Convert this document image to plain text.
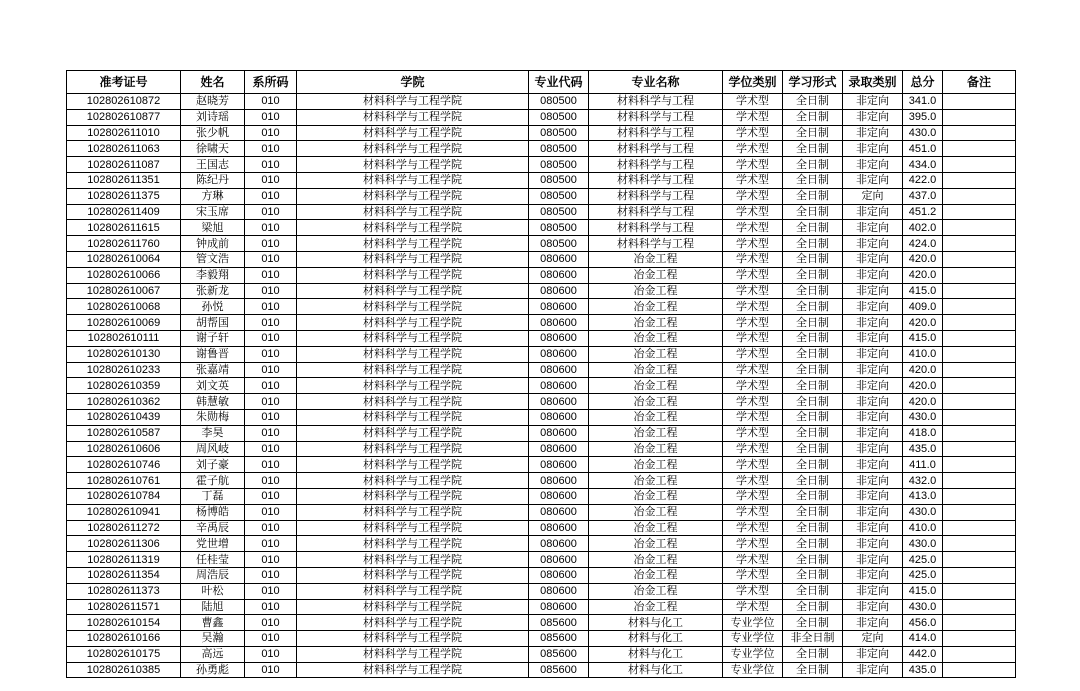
准考证号	姓名	系所码	学院	专业代码	专业名称	学位类别	学习形式	录取类别	总分	备注
102802610872	赵晓芳	010	材料科学与工程学院	080500	材料科学与工程	学术型	全日制	非定向	341.0	
102802610877	刘诗瑶	010	材料科学与工程学院	080500	材料科学与工程	学术型	全日制	非定向	395.0	
102802611010	张少帆	010	材料科学与工程学院	080500	材料科学与工程	学术型	全日制	非定向	430.0	
102802611063	徐啸天	010	材料科学与工程学院	080500	材料科学与工程	学术型	全日制	非定向	451.0	
102802611087	王国志	010	材料科学与工程学院	080500	材料科学与工程	学术型	全日制	非定向	434.0	
102802611351	陈纪丹	010	材料科学与工程学院	080500	材料科学与工程	学术型	全日制	非定向	422.0	
102802611375	方琳	010	材料科学与工程学院	080500	材料科学与工程	学术型	全日制	定向	437.0	
102802611409	宋玉席	010	材料科学与工程学院	080500	材料科学与工程	学术型	全日制	非定向	451.2	
102802611615	梁旭	010	材料科学与工程学院	080500	材料科学与工程	学术型	全日制	非定向	402.0	
102802611760	钟成前	010	材料科学与工程学院	080500	材料科学与工程	学术型	全日制	非定向	424.0	
102802610064	管文浩	010	材料科学与工程学院	080600	冶金工程	学术型	全日制	非定向	420.0	
102802610066	李毅翔	010	材料科学与工程学院	080600	冶金工程	学术型	全日制	非定向	420.0	
102802610067	张新龙	010	材料科学与工程学院	080600	冶金工程	学术型	全日制	非定向	415.0	
102802610068	孙悦	010	材料科学与工程学院	080600	冶金工程	学术型	全日制	非定向	409.0	
102802610069	胡帮国	010	材料科学与工程学院	080600	冶金工程	学术型	全日制	非定向	420.0	
102802610111	谢子轩	010	材料科学与工程学院	080600	冶金工程	学术型	全日制	非定向	415.0	
102802610130	谢鲁晋	010	材料科学与工程学院	080600	冶金工程	学术型	全日制	非定向	410.0	
102802610233	张嘉靖	010	材料科学与工程学院	080600	冶金工程	学术型	全日制	非定向	420.0	
102802610359	刘文英	010	材料科学与工程学院	080600	冶金工程	学术型	全日制	非定向	420.0	
102802610362	韩慧敏	010	材料科学与工程学院	080600	冶金工程	学术型	全日制	非定向	420.0	
102802610439	朱勋梅	010	材料科学与工程学院	080600	冶金工程	学术型	全日制	非定向	430.0	
102802610587	李昊	010	材料科学与工程学院	080600	冶金工程	学术型	全日制	非定向	418.0	
102802610606	周风岐	010	材料科学与工程学院	080600	冶金工程	学术型	全日制	非定向	435.0	
102802610746	刘子豪	010	材料科学与工程学院	080600	冶金工程	学术型	全日制	非定向	411.0	
102802610761	霍子航	010	材料科学与工程学院	080600	冶金工程	学术型	全日制	非定向	432.0	
102802610784	丁磊	010	材料科学与工程学院	080600	冶金工程	学术型	全日制	非定向	413.0	
102802610941	杨博皓	010	材料科学与工程学院	080600	冶金工程	学术型	全日制	非定向	430.0	
102802611272	辛禹辰	010	材料科学与工程学院	080600	冶金工程	学术型	全日制	非定向	410.0	
102802611306	党世增	010	材料科学与工程学院	080600	冶金工程	学术型	全日制	非定向	430.0	
102802611319	任桂莹	010	材料科学与工程学院	080600	冶金工程	学术型	全日制	非定向	425.0	
102802611354	周浩辰	010	材料科学与工程学院	080600	冶金工程	学术型	全日制	非定向	425.0	
102802611373	叶松	010	材料科学与工程学院	080600	冶金工程	学术型	全日制	非定向	415.0	
102802611571	陆旭	010	材料科学与工程学院	080600	冶金工程	学术型	全日制	非定向	430.0	
102802610154	曹鑫	010	材料科学与工程学院	085600	材料与化工	专业学位	全日制	非定向	456.0	
102802610166	吴瀚	010	材料科学与工程学院	085600	材料与化工	专业学位	非全日制	定向	414.0	
102802610175	高远	010	材料科学与工程学院	085600	材料与化工	专业学位	全日制	非定向	442.0	
102802610385	孙勇彪	010	材料科学与工程学院	085600	材料与化工	专业学位	全日制	非定向	435.0	
